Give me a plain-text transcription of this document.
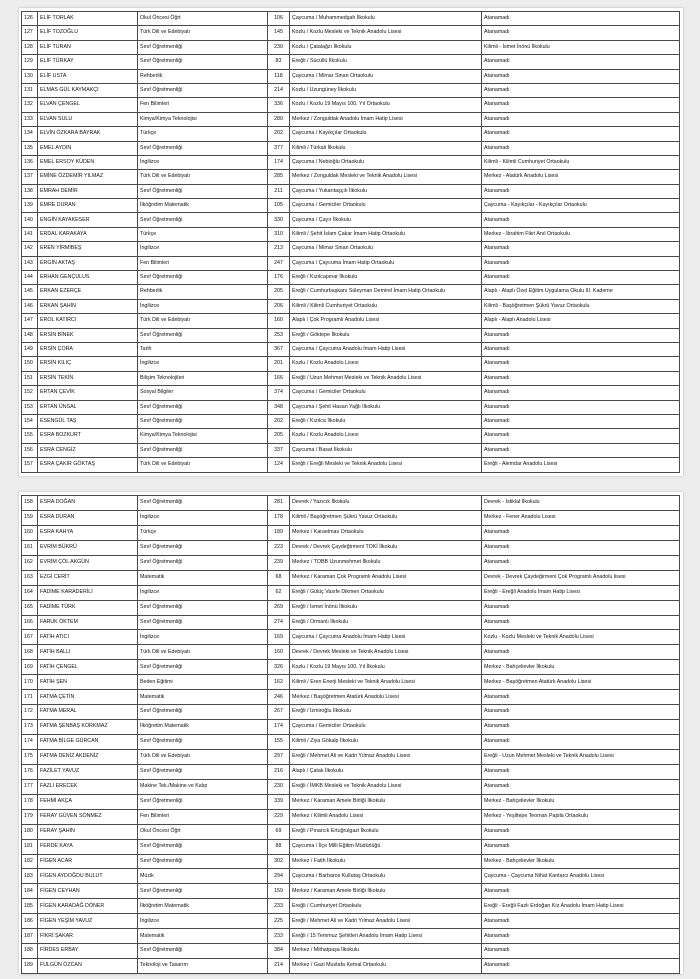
126	ELİF TORLAK	Okul Öncesi Öğrt	106	Çaycuma / Muhammedşah İlkokulu	Atanamadı
127	ELİF TOZOĞLU	Türk Dili ve Edebiyatı	145	Kozlu / Kozlu Mesleki ve Teknik Anadolu Lisesi	Atanamadı
128	ELİF TURAN	Sınıf Öğretmenliği	230	Kozlu / Çatalağzı İlkokulu	Kilimli - İsmet İnönü İlkokulu
129	ELİF TÜRKAY	Sınıf Öğretmenliği	83	Ereğli / Sücüllü İlkokulu	Atanamadı
130	ELİF USTA	Rehberlik	118	Çaycuma / Mimar Sinan Ortaokulu	Atanamadı
131	ELMAS GÜL KAYMAKÇI	Sınıf Öğretmenliği	214	Kozlu / Uzungüney İlkokulu	Atanamadı
132	ELVAN ÇENGEL	Fen Bilimleri	336	Kozlu / Kozlu 19 Mayıs 100. Yıl Ortaokulu	Atanamadı
133	ELVAN SULU	Kimya/Kimya Teknolojisi	280	Merkez / Zonguldak Anadolu İmam Hatip Lisesi	Atanamadı
134	ELVİN ÖZKARA BAYRAK	Türkçe	202	Çaycuma / Kayıkçılar Ortaokulu	Atanamadı
135	EMEL AYDIN	Sınıf Öğretmenliği	377	Kilimli / Türkali İlkokulu	Atanamadı
136	EMEL ERSOY KÜDEN	İngilizce	174	Çaycuma / Nebioğlu Ortaokulu	Kilimli - Kilimli Cumhuriyet Ortaokulu
137	EMİNE ÖZDEMİR YILMAZ	Türk Dili ve Edebiyatı	285	Merkez / Zonguldak Mesleki ve Teknik Anadolu Lisesi	Merkez - Atatürk Anadolu Lisesi
138	EMRAH DEMİR	Sınıf Öğretmenliği	211	Çaycuma / Yukarıtaşçılı İlkokulu	Atanamadı
139	EMRE DURAN	İlköğretim Matematik	105	Çaycuma / Gemiciler Ortaokulu	Çaycuma - Kayıkçılar - Kayıkçılar Ortaokulu
140	ENGİN KAYAKESER	Sınıf Öğretmenliği	330	Çaycuma / Çayır İlkokulu	Atanamadı
141	ERDAL KARAKAYA	Türkçe	310	Kilimli / Şehit İslam Çakar İmam Hatip Ortaokulu	Merkez - İbrahim Fikri Anıl Ortaokulu
142	EREN YİRMİBEŞ	İngilizce	213	Çaycuma / Mimar Sinan Ortaokulu	Atanamadı
143	ERGİN AKTAŞ	Fen Bilimleri	247	Çaycuma / Çaycuma İmam Hatip Ortaokulu	Atanamadı
144	ERHAN GENÇULUS	Sınıf Öğretmenliği	176	Ereğli / Kızılcapınar İlkokulu	Atanamadı
145	ERKAN EZERÇE	Rehberlik	205	Ereğli / Cumhurbaşkanı Süleyman Demirel İmam Hatip Ortaokulu	Alaplı - Alaplı Özel Eğitim Uygulama Okulu III. Kademe
146	ERKAN ŞAHİN	İngilizce	206	Kilimli / Kilimli Cumhuriyet Ortaokulu	Kilimli - Başöğretmen Şükrü Yavuz Ortaokulu
147	EROL KATIRCI	Türk Dili ve Edebiyatı	160	Alaplı / Çok Programlı Anadolu Lisesi	Alaplı - Alaplı Anadolu Lisesi
148	ERSİN BİNEK	Sınıf Öğretmenliği	253	Ereğli / Göktepe İlkokulu	Atanamadı
149	ERSİN ÇORA	Tarih	367	Çaycuma / Çaycuma Anadolu İmam Hatip Lisesi	Atanamadı
150	ERSİN KILIÇ	İngilizce	201	Kozlu / Kozlu Anadolu Lisesi	Atanamadı
151	ERSİN TEKİN	Bilişim Teknolojileri	166	Ereğli / Uzun Mehmet Mesleki ve Teknik Anadolu Lisesi	Atanamadı
152	ERTAN ÇEVİK	Sosyal Bilgiler	374	Çaycuma / Gemiciler Ortaokulu	Atanamadı
153	ERTAN ÜNSAL	Sınıf Öğretmenliği	348	Çaycuma / Şehit Hasan Yağlı İlkokulu	Atanamadı
154	ESENGÜL TAŞ	Sınıf Öğretmenliği	202	Ereğli / Kızılca İlkokulu	Atanamadı
155	ESRA BOZKURT	Kimya/Kimya Teknolojisi	205	Kozlu / Kozlu Anadolu Lisesi	Atanamadı
156	ESRA CENGİZ	Sınıf Öğretmenliği	337	Çaycuma / Basat İlkokulu	Atanamadı
157	ESRA ÇAKIR GÖKTAŞ	Türk Dili ve Edebiyatı	124	Ereğli / Ereğli Mesleki ve Teknik Anadolu Lisesi	Ereğli - Alemdar Anadolu Lisesi
158	ESRA DOĞAN	Sınıf Öğretmenliği	281	Devrek / Yazıcık İlkokulu	Devrek - İstiklal İlkokulu
159	ESRA DURAN	İngilizce	178	Kilimli / Başöğretmen Şükrü Yavuz Ortaokulu	Merkez - Fener Anadolu Lisesi
160	ESRA KAHYA	Türkçe	189	Merkez / Karaelmas Ortaokulu	Atanamadı
161	EVRİM BÜKRÜ	Sınıf Öğretmenliği	223	Devrek / Devrek Çaydeğirmeni TOKİ İlkokulu	Atanamadı
162	EVRİM ÇÖL AKGÜN	Sınıf Öğretmenliği	239	Merkez / TOBB Uzunmehmet İlkokulu	Atanamadı
163	EZGİ CERİT	Matematik	68	Merkez / Karaman Çok Programlı Anadolu Lisesi	Devrek - Devrek Çaydeğirmeni Çok Programlı Anadolu lisesi
164	FADİME KARADERİLİ	İngilizce	62	Ereğli / Gülüç Vasıfe Dikmen Ortaokulu	Ereğli - Ereğli Anadolu İmam Hatip Lisesi
165	FADİME TÜRK	Sınıf Öğretmenliği	269	Ereğli / İsmet İnönü İlkokulu	Atanamadı
166	FARUK ÖKTEM	Sınıf Öğretmenliği	274	Ereğli / Ormanlı İlkokulu	Atanamadı
167	FATİH ATICI	İngilizce	169	Çaycuma / Çaycuma Anadolu İmam Hatip Lisesi	Kozlu - Kozlu Mesleki ve Teknik Anadolu Lisesi
168	FATİH BALLI	Türk Dili ve Edebiyatı	160	Devrek / Devrek Mesleki ve Teknik Anadolu Lisesi	Atanamadı
169	FATİH ÇENGEL	Sınıf Öğretmenliği	326	Kozlu / Kozlu 19 Mayıs 100. Yıl İlkokulu	Merkez - Bahçelievler İlkokulu
170	FATİH ŞEN	Beden Eğitimi	162	Kilimli / Eren Enerji Mesleki ve Teknik Anadolu Lisesi	Merkez - Başöğretmen Atatürk Anadolu Lisesi
171	FATMA ÇETİN	Matematik	246	Merkez / Başöğretmen Atatürk Anadolu Lisesi	Atanamadı
172	FATMA MERAL	Sınıf Öğretmenliği	267	Ereğli / İzmiroğlu İlkokulu	Atanamadı
173	FATMA ŞENBAŞ KORKMAZ	İlköğretim Matematik	174	Çaycuma / Gemiciler Ortaokulu	Atanamadı
174	FATMA BİLGE GÜRCAN	Sınıf Öğretmenliği	155	Kilimli / Ziya Gökalp İlkokulu	Atanamadı
175	FATMA DENİZ AKDENİZ	Türk Dili ve Edebiyatı	297	Ereğli / Mehmet Ali ve Kadri Yılmaz Anadolu Lisesi	Ereğli - Uzun Mehmet Mesleki ve Teknik Anadolu Lisesi
176	FAZİLET YAVUZ	Sınıf Öğretmenliği	216	Alaplı / Çatak İlkokulu	Atanamadı
177	FAZLI ERECEK	Makine Tek./Makine ve Kalıp	230	Ereğli / İMKB Mesleki ve Teknik Anadolu Lisesi	Atanamadı
178	FEHMİ AKÇA	Sınıf Öğretmenliği	339	Merkez / Karaman Amele Birliği İlkokulu	Merkez - Bahçelievler İlkokulu
179	FERAY GÜVEN SÖNMEZ	Fen Bilimleri	229	Merkez / Kilimli Anadolu Lisesi	Merkez - Yeşiltepe Teoman Papila Ortaokulu
180	FERAY ŞAHİN	Okul Öncesi Öğrt	69	Ereğli / Pınarcık Ertuğrulgazi İlkokulu	Atanamadı
181	FERDE KAYA	Sınıf Öğretmenliği	88	Çaycuma / İlçe Milli Eğitim Müdürlüğü	Atanamadı
182	FİGEN ACAR	Sınıf Öğretmenliği	302	Merkez / Fatih İlkokulu	Merkez - Bahçelievler İlkokulu
183	FİGEN AYDOĞDU BULUT	Müzik	294	Çaycuma / Barbaros Kullutaş Ortaokulu	Çaycuma - Çaycuma Nihat Kantarcı Anadolu Lisesi
184	FİGEN CEYHAN	Sınıf Öğretmenliği	159	Merkez / Karaman Amele Birliği İlkokulu	Atanamadı
185	FİGEN KARADAĞ DÖNER	İlköğretim Matematik	233	Ereğli / Cumhuriyet Ortaokulu	Ereğli - Ereğli Fazlı Erdoğan Kız Anadolu İmam Hatip Lisesi
186	FİGEN YEŞİM YAVUZ	İngilizce	225	Ereğli / Mehmet Ali ve Kadri Yılmaz Anadolu Lisesi	Atanamadı
187	FİKRİ ŞAKAR	Matematik	233	Ereğli / 15 Temmuz Şehitleri Anadolu İmam Hatip Lisesi	Atanamadı
188	FİRDES ERBAY	Sınıf Öğretmenliği	384	Merkez / Mithatpaşa İlkokulu	Atanamadı
189	FULGÜN ÖZCAN	Teknoloji ve Tasarım	214	Merkez / Gazi Mustafa Kemal Ortaokulu	Atanamadı
